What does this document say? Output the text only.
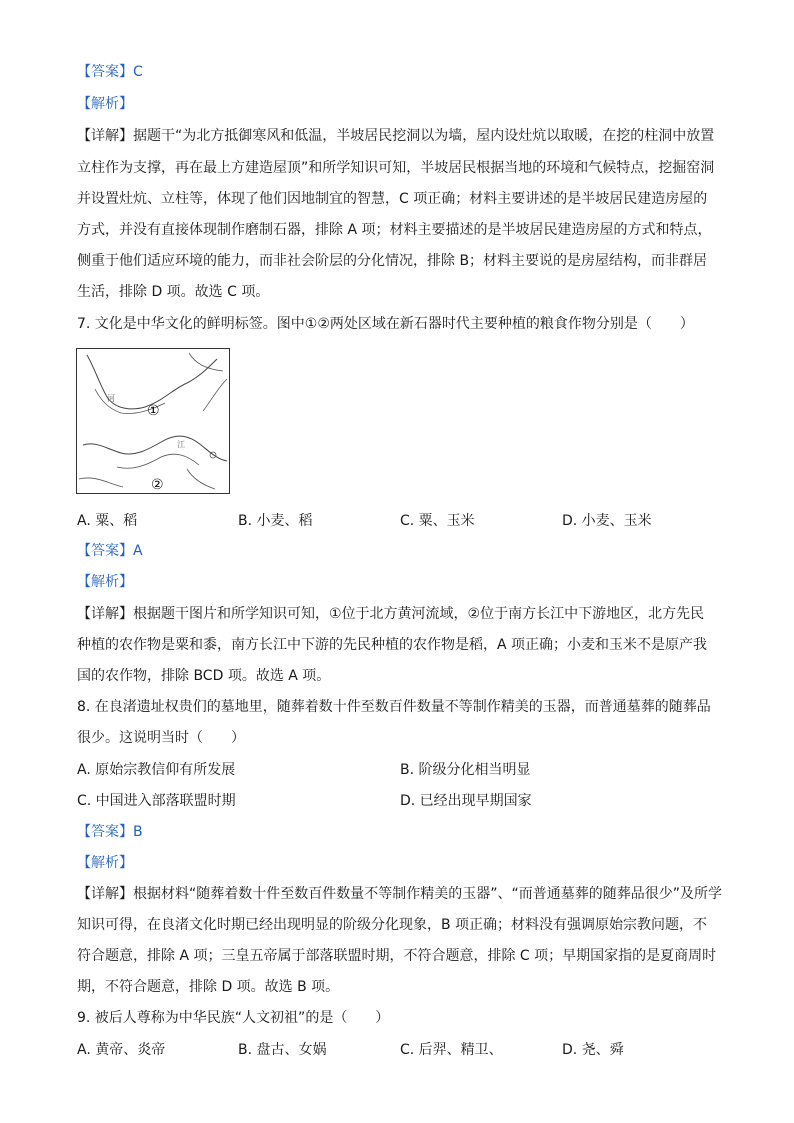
【答案】C
【解析】
【详解】据题干“为北方抵御寒风和低温，半坡居民挖洞以为墙，屋内设灶炕以取暖，在挖的柱洞中放置
立柱作为支撑，再在最上方建造屋顶”和所学知识可知，半坡居民根据当地的环境和气候特点，挖掘窑洞
并设置灶炕、立柱等，体现了他们因地制宜的智慧，C 项正确；材料主要讲述的是半坡居民建造房屋的
方式，并没有直接体现制作磨制石器，排除 A 项；材料主要描述的是半坡居民建造房屋的方式和特点，
侧重于他们适应环境的能力，而非社会阶层的分化情况，排除 B；材料主要说的是房屋结构，而非群居
生活，排除 D 项。故选 C 项。
7. 文化是中华文化的鲜明标签。图中①②两处区域在新石器时代主要种植的粮食作物分别是（　　）
①
河
江
②
A. 粟、稻	B. 小麦、稻	C. 粟、玉米	D. 小麦、玉米
【答案】A
【解析】
【详解】根据题干图片和所学知识可知，①位于北方黄河流域，②位于南方长江中下游地区，北方先民
种植的农作物是粟和黍，南方长江中下游的先民种植的农作物是稻，A 项正确；小麦和玉米不是原产我
国的农作物，排除 BCD 项。故选 A 项。
8. 在良渚遗址权贵们的墓地里，随葬着数十件至数百件数量不等制作精美的玉器，而普通墓葬的随葬品
很少。这说明当时（　　）
A. 原始宗教信仰有所发展	B. 阶级分化相当明显
C. 中国进入部落联盟时期	D. 已经出现早期国家
【答案】B
【解析】
【详解】根据材料“随葬着数十件至数百件数量不等制作精美的玉器”、“而普通墓葬的随葬品很少”及所学
知识可得，在良渚文化时期已经出现明显的阶级分化现象，B 项正确；材料没有强调原始宗教问题，不
符合题意，排除 A 项；三皇五帝属于部落联盟时期，不符合题意，排除 C 项；早期国家指的是夏商周时
期，不符合题意，排除 D 项。故选 B 项。
9. 被后人尊称为中华民族“人文初祖”的是（　　）
A. 黄帝、炎帝	B. 盘古、女娲	C. 后羿、精卫、	D. 尧、舜
